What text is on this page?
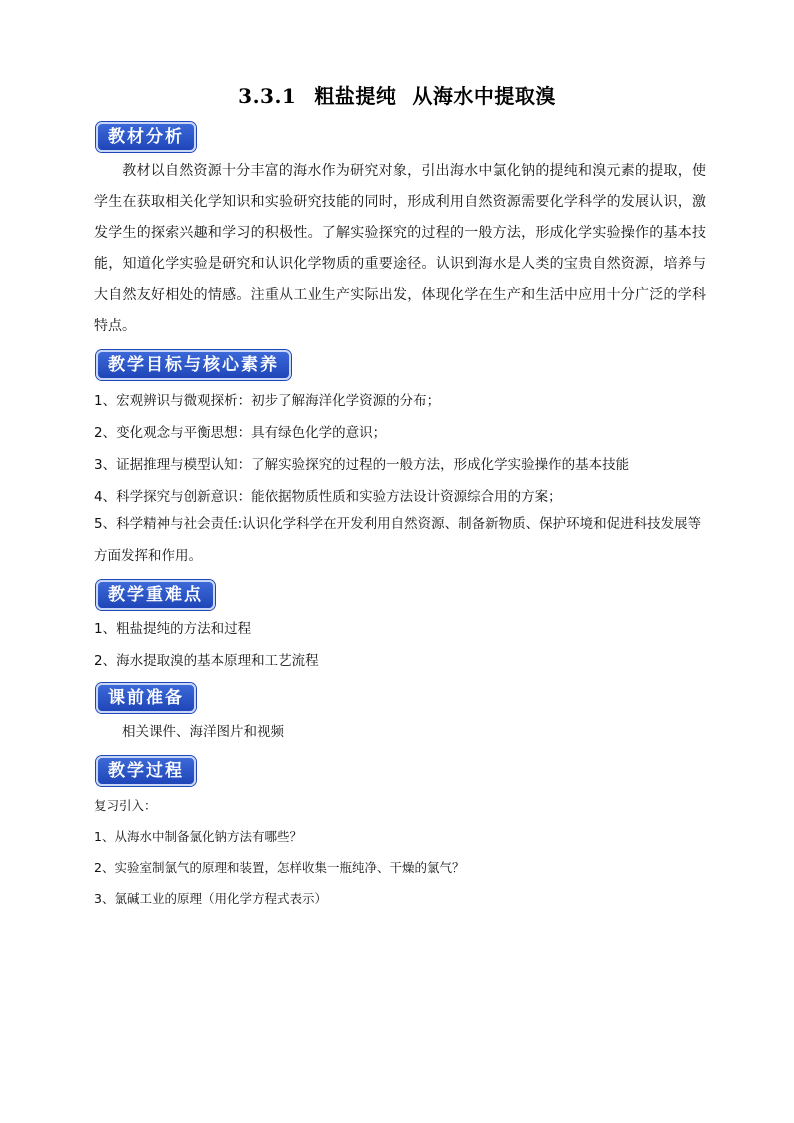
3.3.1 粗盐提纯 从海水中提取溴
教材分析
教材以自然资源十分丰富的海水作为研究对象，引出海水中氯化钠的提纯和溴元素的提取，使学生在获取相关化学知识和实验研究技能的同时，形成利用自然资源需要化学科学的发展认识，激发学生的探索兴趣和学习的积极性。了解实验探究的过程的一般方法，形成化学实验操作的基本技能，知道化学实验是研究和认识化学物质的重要途径。认识到海水是人类的宝贵自然资源，培养与大自然友好相处的情感。注重从工业生产实际出发，体现化学在生产和生活中应用十分广泛的学科特点。
教学目标与核心素养
1、宏观辨识与微观探析：初步了解海洋化学资源的分布；
2、变化观念与平衡思想：具有绿色化学的意识；
3、证据推理与模型认知：了解实验探究的过程的一般方法，形成化学实验操作的基本技能
4、科学探究与创新意识：能依据物质性质和实验方法设计资源综合用的方案；
5、科学精神与社会责任:认识化学科学在开发利用自然资源、制备新物质、保护环境和促进科技发展等方面发挥和作用。
教学重难点
1、粗盐提纯的方法和过程
2、海水提取溴的基本原理和工艺流程
课前准备
相关课件、海洋图片和视频
教学过程
复习引入：
1、从海水中制备氯化钠方法有哪些？
2、实验室制氯气的原理和装置，怎样收集一瓶纯净、干燥的氯气？
3、氯碱工业的原理（用化学方程式表示）
